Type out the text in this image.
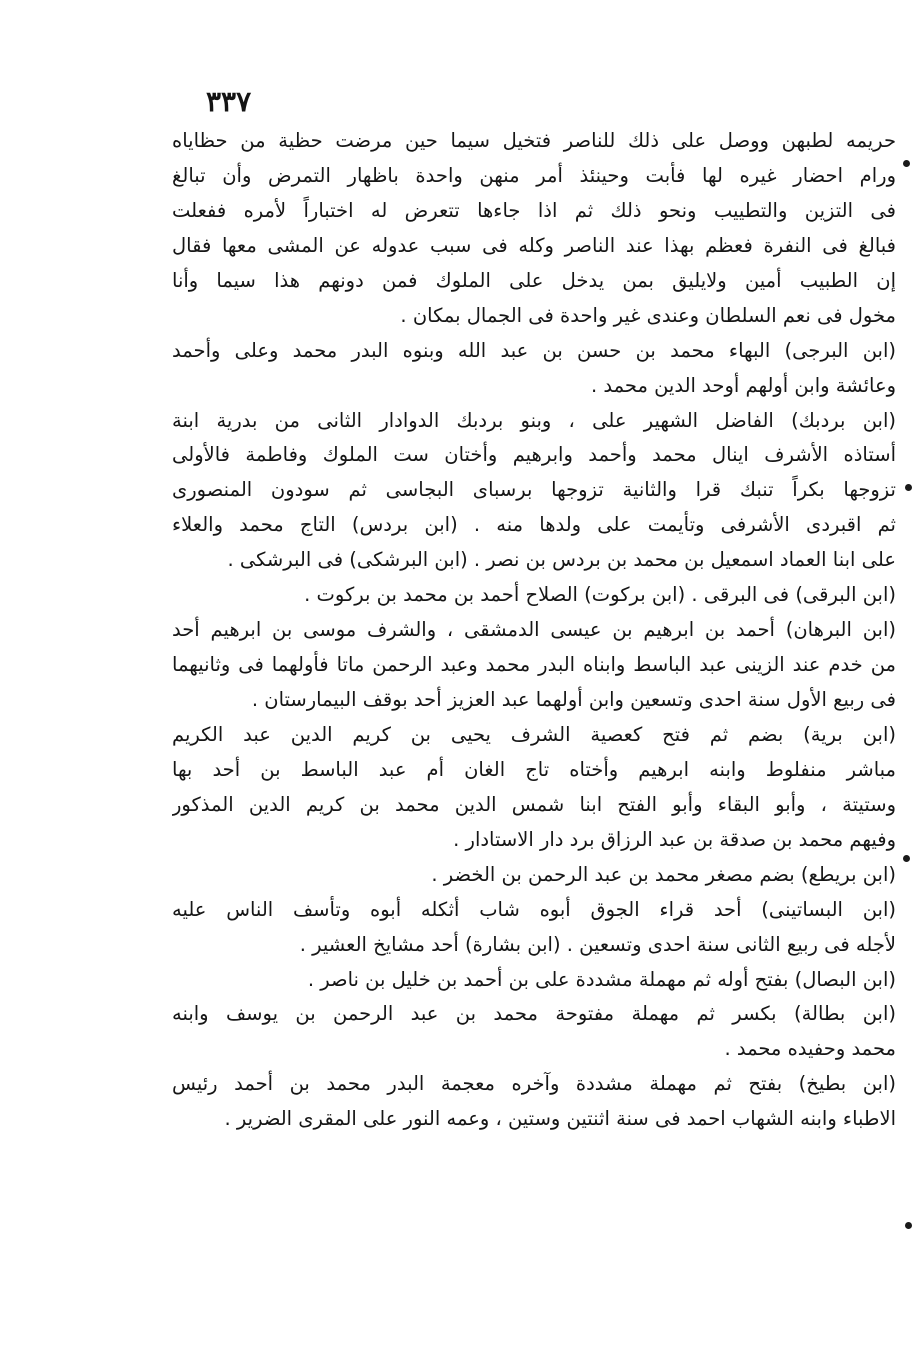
٣٣٧
حريمه لطبهن ووصل على ذلك للناصر فتخيل سيما حين مرضت حظية من حظاياه
ورام احضار غيره لها فأبت وحينئذ أمر منهن واحدة باظهار التمرض وأن تبالغ
فى التزين والتطييب ونحو ذلك ثم اذا جاءها تتعرض له اختباراً لأمره ففعلت
فبالغ فى النفرة فعظم بهذا عند الناصر وكله فى سبب عدوله عن المشى معها فقال
إن الطبيب أمين ولايليق بمن يدخل على الملوك فمن دونهم هذا سيما وأنا
مخول فى نعم السلطان وعندى غير واحدة فى الجمال بمكان .
(ابن البرجى) البهاء محمد بن حسن بن عبد الله وبنوه البدر محمد وعلى وأحمد
وعائشة وابن أولهم أوحد الدين محمد .
(ابن بردبك) الفاضل الشهير على ، وبنو بردبك الدوادار الثانى من بدرية ابنة
أستاذه الأشرف اينال محمد وأحمد وابرهيم وأختان ست الملوك وفاطمة فالأولى
تزوجها بكراً تنبك قرا والثانية تزوجها برسباى البجاسى ثم سودون المنصورى
ثم اقبردى الأشرفى وتأيمت على ولدها منه . (ابن بردس) التاج محمد والعلاء
على ابنا العماد اسمعيل بن محمد بن بردس بن نصر . (ابن البرشكى) فى البرشكى .
(ابن البرقى) فى البرقى . (ابن بركوت) الصلاح أحمد بن محمد بن بركوت .
(ابن البرهان) أحمد بن ابرهيم بن عيسى الدمشقى ، والشرف موسى بن ابرهيم أحد
من خدم عند الزينى عبد الباسط وابناه البدر محمد وعبد الرحمن ماتا فأولهما فى وثانيهما
فى ربيع الأول سنة احدى وتسعين وابن أولهما عبد العزيز أحد بوقف البيمارستان .
(ابن برية) بضم ثم فتح كعصية الشرف يحيى بن كريم الدين عبد الكريم
مباشر منفلوط وابنه ابرهيم وأختاه تاج الغان أم عبد الباسط بن أحد بها
وستيتة ، وأبو البقاء وأبو الفتح ابنا شمس الدين محمد بن كريم الدين المذكور
وفيهم محمد بن صدقة بن عبد الرزاق برد دار الاستادار .
(ابن بريطع) بضم مصغر محمد بن عبد الرحمن بن الخضر .
(ابن البساتينى) أحد قراء الجوق أبوه شاب أثكله أبوه وتأسف الناس عليه
لأجله فى ربيع الثانى سنة احدى وتسعين . (ابن بشارة) أحد مشايخ العشير .
(ابن البصال) بفتح أوله ثم مهملة مشددة على بن أحمد بن خليل بن ناصر .
(ابن بطالة) بكسر ثم مهملة مفتوحة محمد بن عبد الرحمن بن يوسف وابنه
محمد وحفيده محمد .
(ابن بطيخ) بفتح ثم مهملة مشددة وآخره معجمة البدر محمد بن أحمد رئيس
الاطباء وابنه الشهاب احمد فى سنة اثنتين وستين ، وعمه النور على المقرى الضرير .
